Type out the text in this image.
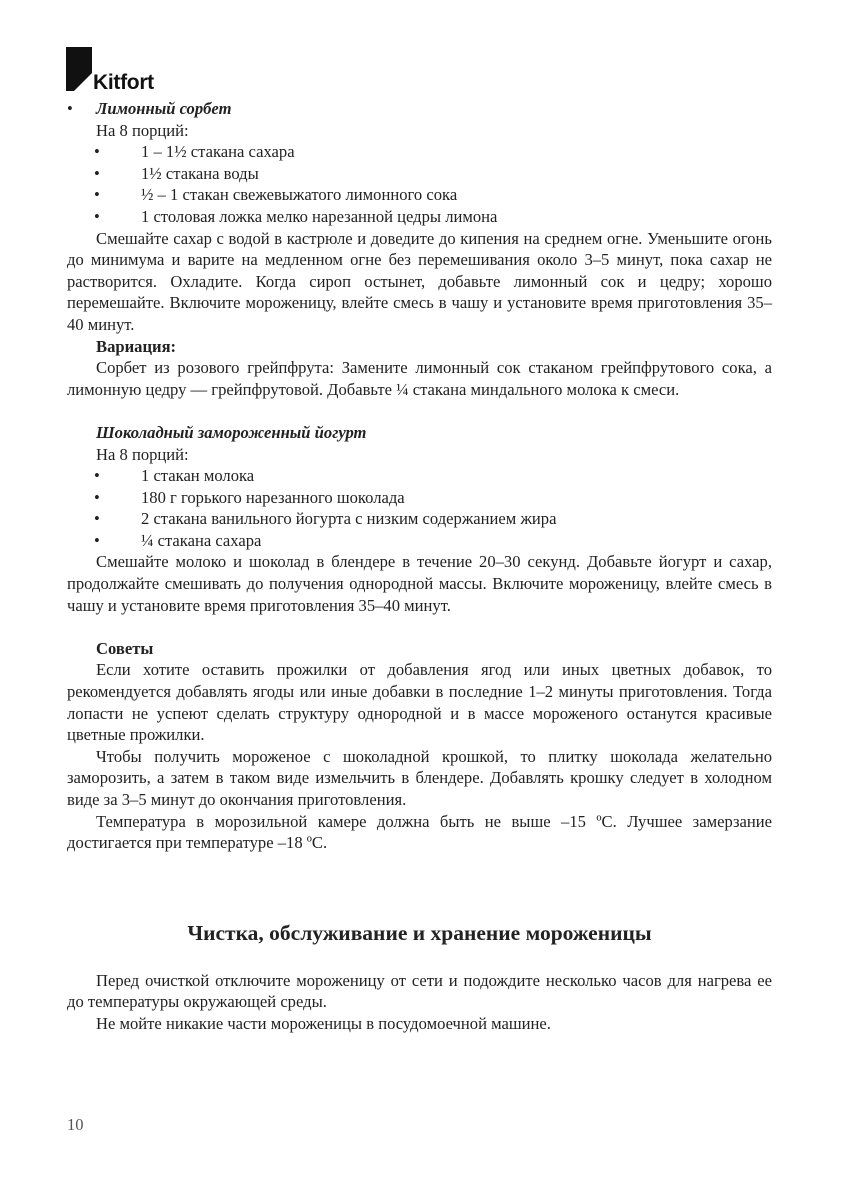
Kitfort

• Лимонный сорбет

На 8 порций:

• 1 – 1½ стакана сахара

• 1½ стакана воды

• ½ – 1 стакан свежевыжатого лимонного сока

• 1 столовая ложка мелко нарезанной цедры лимона

Смешайте сахар с водой в кастрюле и доведите до кипения на среднем огне. Уменьшите огонь до минимума и варите на медленном огне без перемешивания около 3–5 минут, пока сахар не растворится. Охладите. Когда сироп остынет, добавьте лимонный сок и цедру; хорошо перемешайте. Включите мороженицу, влейте смесь в чашу и установите время приготовления 35–40 минут.

Вариация:

Сорбет из розового грейпфрута: Замените лимонный сок стаканом грейпфрутового сока, а лимонную цедру — грейпфрутовой. Добавьте ¼ стакана миндального молока к смеси.

Шоколадный замороженный йогурт

На 8 порций:

• 1 стакан молока

• 180 г горького нарезанного шоколада

• 2 стакана ванильного йогурта с низким содержанием жира

• ¼ стакана сахара

Смешайте молоко и шоколад в блендере в течение 20–30 секунд. Добавьте йогурт и сахар, продолжайте смешивать до получения однородной массы. Включите мороженицу, влейте смесь в чашу и установите время приготовления 35–40 минут.

Советы

Если хотите оставить прожилки от добавления ягод или иных цветных добавок, то рекомендуется добавлять ягоды или иные добавки в последние 1–2 минуты приготовления. Тогда лопасти не успеют сделать структуру однородной и в массе мороженого останутся красивые цветные прожилки.

Чтобы получить мороженое с шоколадной крошкой, то плитку шоколада желательно заморозить, а затем в таком виде измельчить в блендере. Добавлять крошку следует в холодном виде за 3–5 минут до окончания приготовления.

Температура в морозильной камере должна быть не выше –15 ºС. Лучшее замерзание достигается при температуре –18 ºС.

Чистка, обслуживание и хранение мороженицы

Перед очисткой отключите мороженицу от сети и подождите несколько часов для нагрева ее до температуры окружающей среды.

Не мойте никакие части мороженицы в посудомоечной машине.

10
